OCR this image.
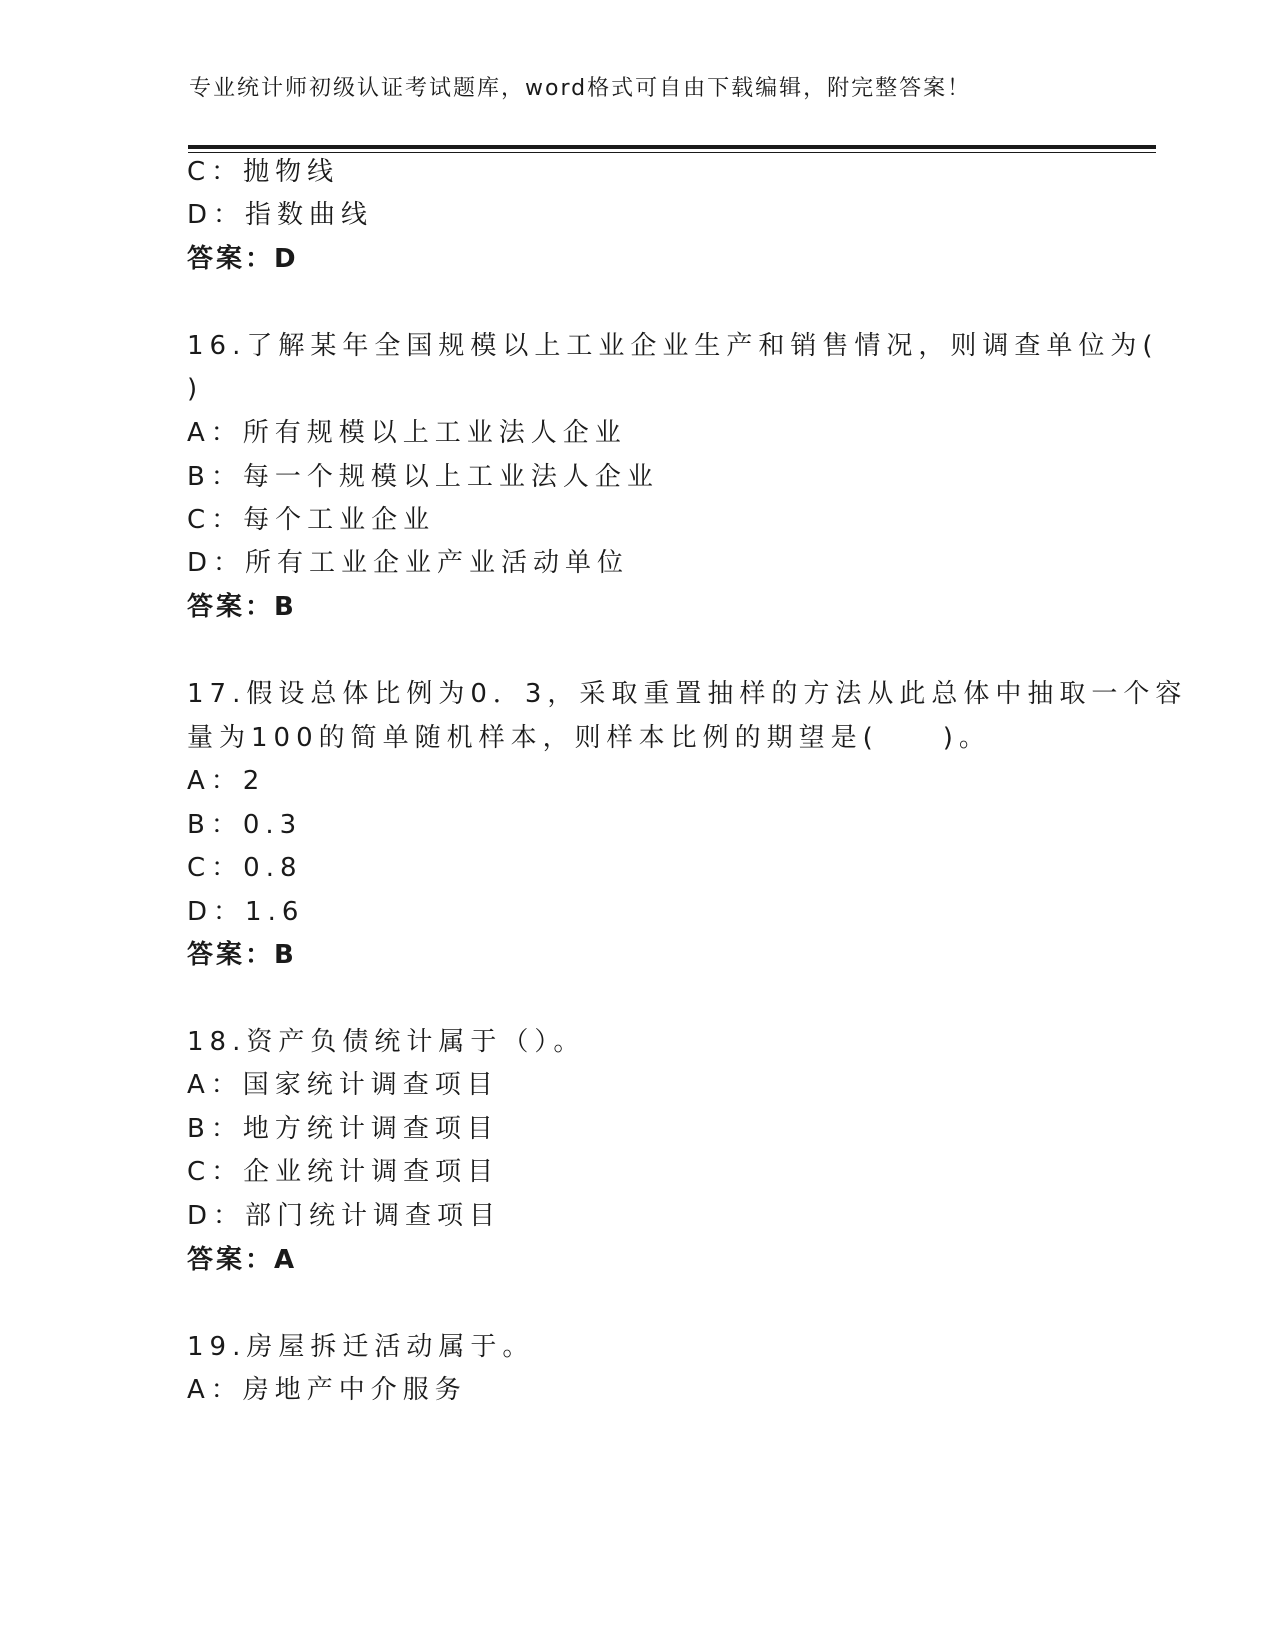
专业统计师初级认证考试题库，word格式可自由下载编辑，附完整答案！
C：抛物线
D：指数曲线
答案：D
16.了解某年全国规模以上工业企业生产和销售情况，则调查单位为(
)
A：所有规模以上工业法人企业
B：每一个规模以上工业法人企业
C：每个工业企业
D：所有工业企业产业活动单位
答案：B
17.假设总体比例为0．3，采取重置抽样的方法从此总体中抽取一个容
量为100的简单随机样本，则样本比例的期望是(　　)。
A：2
B：0.3
C：0.8
D：1.6
答案：B
18.资产负债统计属于（）。
A：国家统计调查项目
B：地方统计调查项目
C：企业统计调查项目
D：部门统计调查项目
答案：A
19.房屋拆迁活动属于。
A：房地产中介服务
